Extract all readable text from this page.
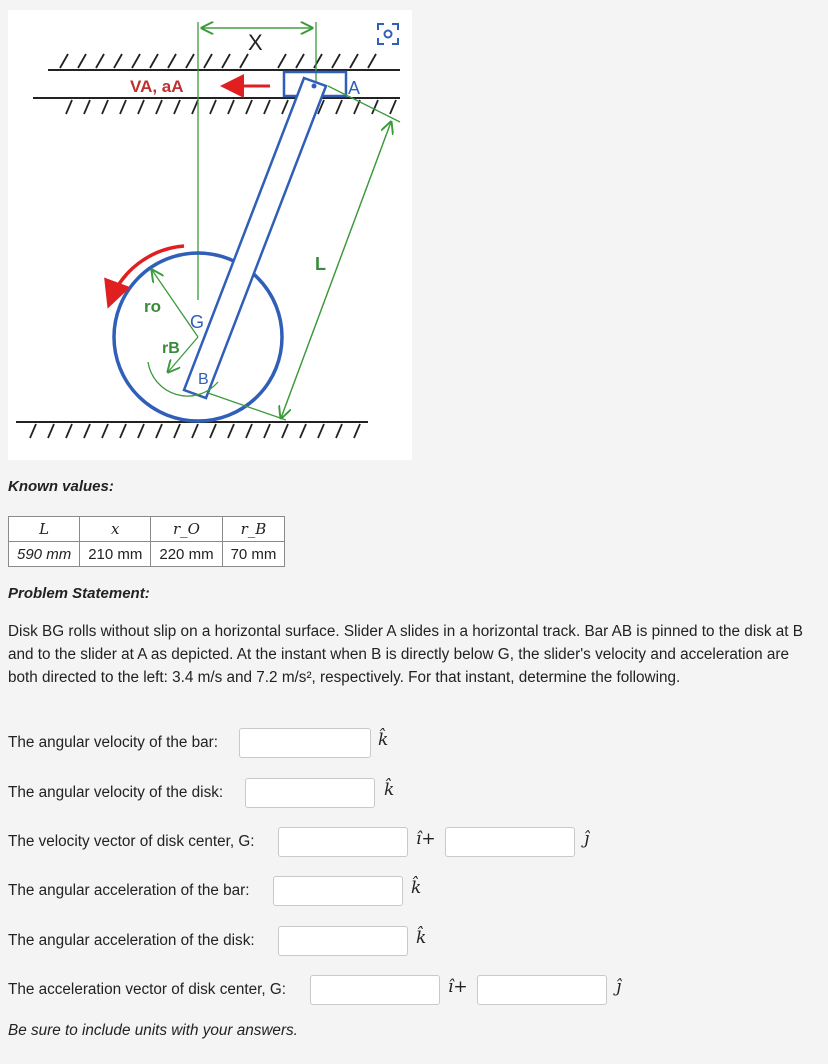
X
VA, aA	A
L
ro
G
rB
B
Known values:
L	x	r_O	r_B
590 mm	210 mm	220 mm	70 mm
Problem Statement:
Disk BG rolls without slip on a horizontal surface. Slider A slides in a horizontal track. Bar AB is pinned to the disk at B and to the slider at A as depicted. At the instant when B is directly below G, the slider's velocity and acceleration are both directed to the left: 3.4 m/s and 7.2 m/s², respectively. For that instant, determine the following.
The angular velocity of the bar:	k̂
The angular velocity of the disk:	k̂
The velocity vector of disk center, G:	î+	ĵ
The angular acceleration of the bar:	k̂
The angular acceleration of the disk:	k̂
The acceleration vector of disk center, G:	î+	ĵ
Be sure to include units with your answers.
